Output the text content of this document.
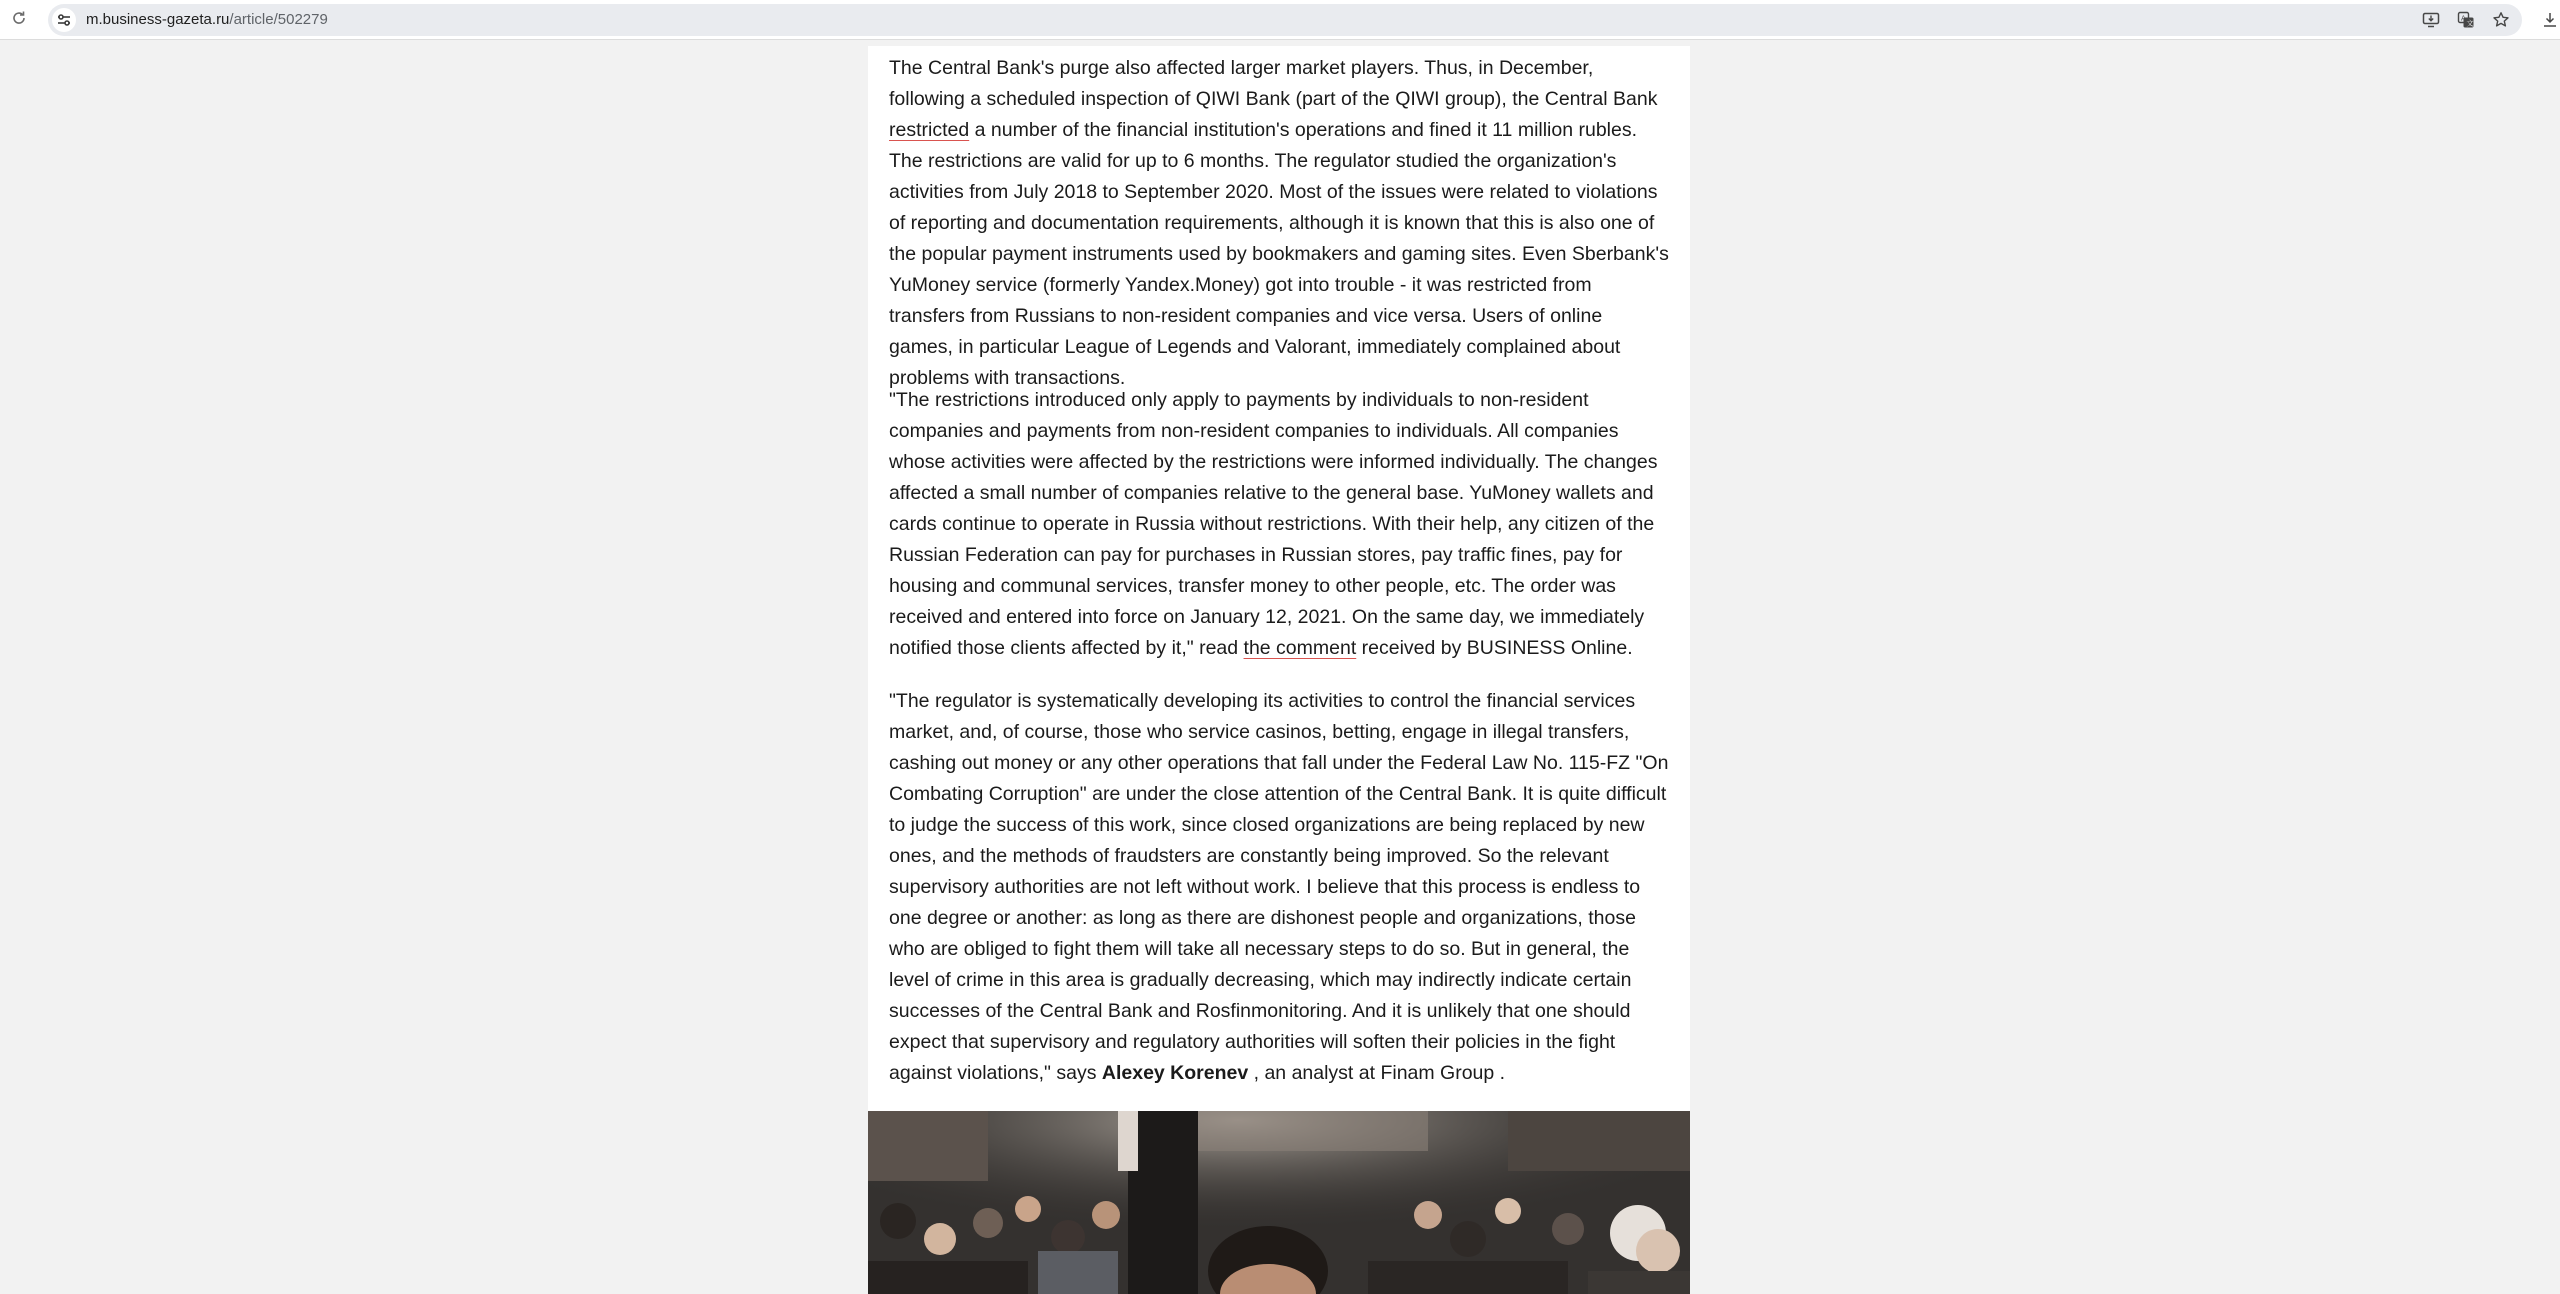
m.business-gazeta.ru/article/502279	A
文

The Central Bank's purge also affected larger market players. Thus, in December, following a scheduled inspection of QIWI Bank (part of the QIWI group), the Central Bank restricted a number of the financial institution's operations and fined it 11 million rubles. The restrictions are valid for up to 6 months. The regulator studied the organization's activities from July 2018 to September 2020. Most of the issues were related to violations of reporting and documentation requirements, although it is known that this is also one of the popular payment instruments used by bookmakers and gaming sites. Even Sberbank's YuMoney service (formerly Yandex.Money) got into trouble - it was restricted from transfers from Russians to non-resident companies and vice versa. Users of online games, in particular League of Legends and Valorant, immediately complained about problems with transactions.

"The restrictions introduced only apply to payments by individuals to non-resident companies and payments from non-resident companies to individuals. All companies whose activities were affected by the restrictions were informed individually. The changes affected a small number of companies relative to the general base. YuMoney wallets and cards continue to operate in Russia without restrictions. With their help, any citizen of the Russian Federation can pay for purchases in Russian stores, pay traffic fines, pay for housing and communal services, transfer money to other people, etc. The order was received and entered into force on January 12, 2021. On the same day, we immediately notified those clients affected by it," read the comment received by BUSINESS Online.

"The regulator is systematically developing its activities to control the financial services market, and, of course, those who service casinos, betting, engage in illegal transfers, cashing out money or any other operations that fall under the Federal Law No. 115-FZ "On Combating Corruption" are under the close attention of the Central Bank. It is quite difficult to judge the success of this work, since closed organizations are being replaced by new ones, and the methods of fraudsters are constantly being improved. So the relevant supervisory authorities are not left without work. I believe that this process is endless to one degree or another: as long as there are dishonest people and organizations, those who are obliged to fight them will take all necessary steps to do so. But in general, the level of crime in this area is gradually decreasing, which may indirectly indicate certain successes of the Central Bank and Rosfinmonitoring. And it is unlikely that one should expect that supervisory and regulatory authorities will soften their policies in the fight against violations," says Alexey Korenev , an analyst at Finam Group .
